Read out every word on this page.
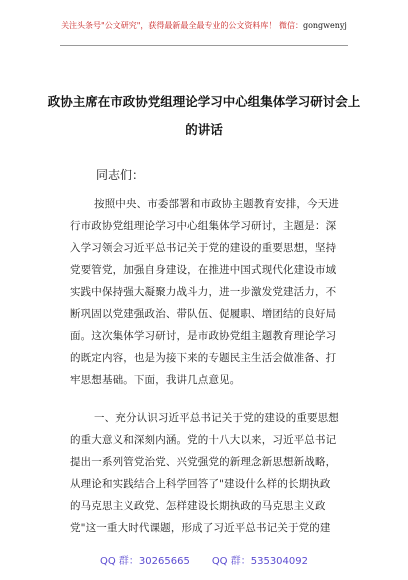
关注头条号"公文研究"，获得最新最全最专业的公文资料库！ 微信：gongwenyj
政协主席在市政协党组理论学习中心组集体学习研讨会上
的讲话
同志们：
按照中央、市委部署和市政协主题教育安排，今天进
行市政协党组理论学习中心组集体学习研讨，主题是：深
入学习领会习近平总书记关于党的建设的重要思想，坚持
党要管党，加强自身建设，在推进中国式现代化建设市域
实践中保持强大凝聚力战斗力，进一步激发党建活力，不
断巩固以党建强政治、带队伍、促履职、增团结的良好局
面。这次集体学习研讨，是市政协党组主题教育理论学习
的既定内容，也是为接下来的专题民主生活会做准备、打
牢思想基础。下面，我讲几点意见。
一、充分认识习近平总书记关于党的建设的重要思想
的重大意义和深刻内涵。党的十八大以来，习近平总书记
提出一系列管党治党、兴党强党的新理念新思想新战略，
从理论和实践结合上科学回答了"建设什么样的长期执政
的马克思主义政党、怎样建设长期执政的马克思主义政
党"这一重大时代课题，形成了习近平总书记关于党的建
QQ 群：30265665 QQ 群：535304092
